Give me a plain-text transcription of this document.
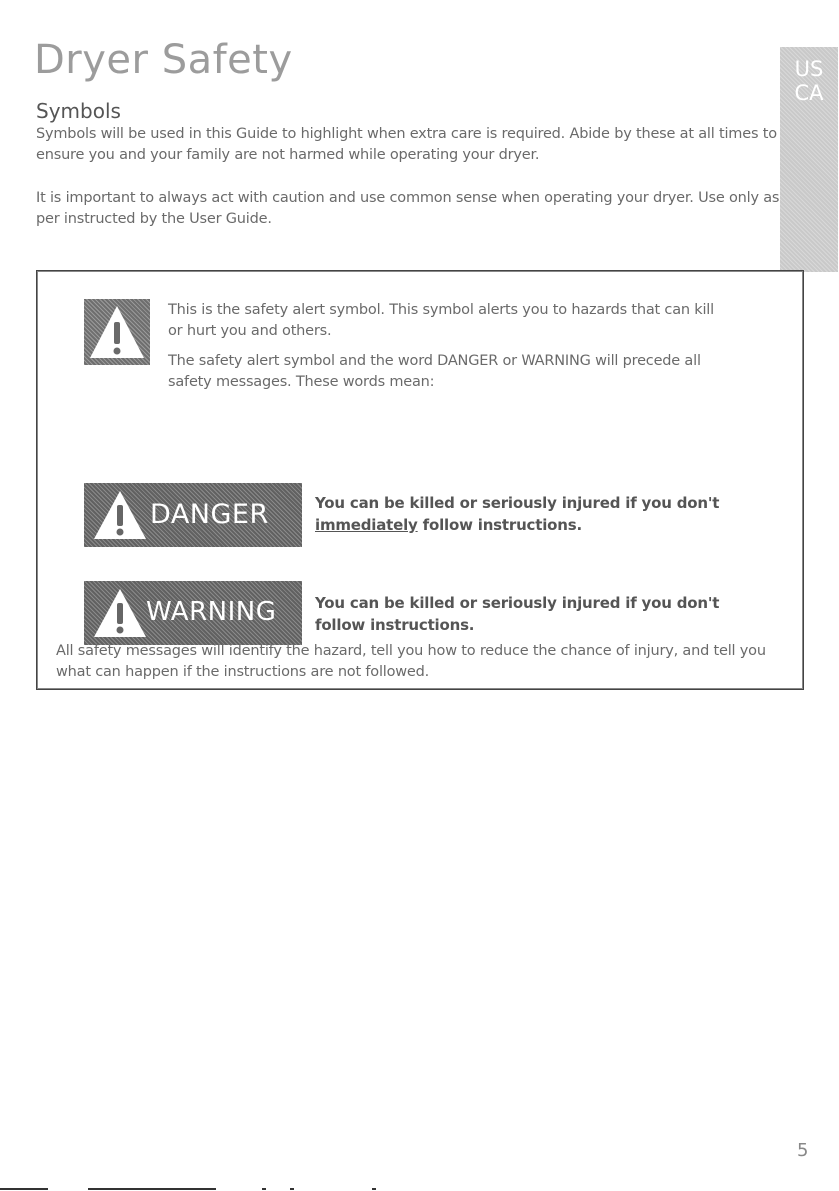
Dryer Safety	US
CA
Symbols

Symbols will be used in this Guide to highlight when extra care is required. Abide by these at all times to ensure you and your family are not harmed while operating your dryer.

It is important to always act with caution and use common sense when operating your dryer. Use only as per instructed by the User Guide.

This is the safety alert symbol. This symbol alerts you to hazards that can kill or hurt you and others.

The safety alert symbol and the word DANGER or WARNING will precede all safety messages. These words mean:

DANGER	You can be killed or seriously injured if you don't immediately follow instructions.

WARNING	You can be killed or seriously injured if you don't follow instructions.

All safety messages will identify the hazard, tell you how to reduce the chance of injury, and tell you what can happen if the instructions are not followed.

5
